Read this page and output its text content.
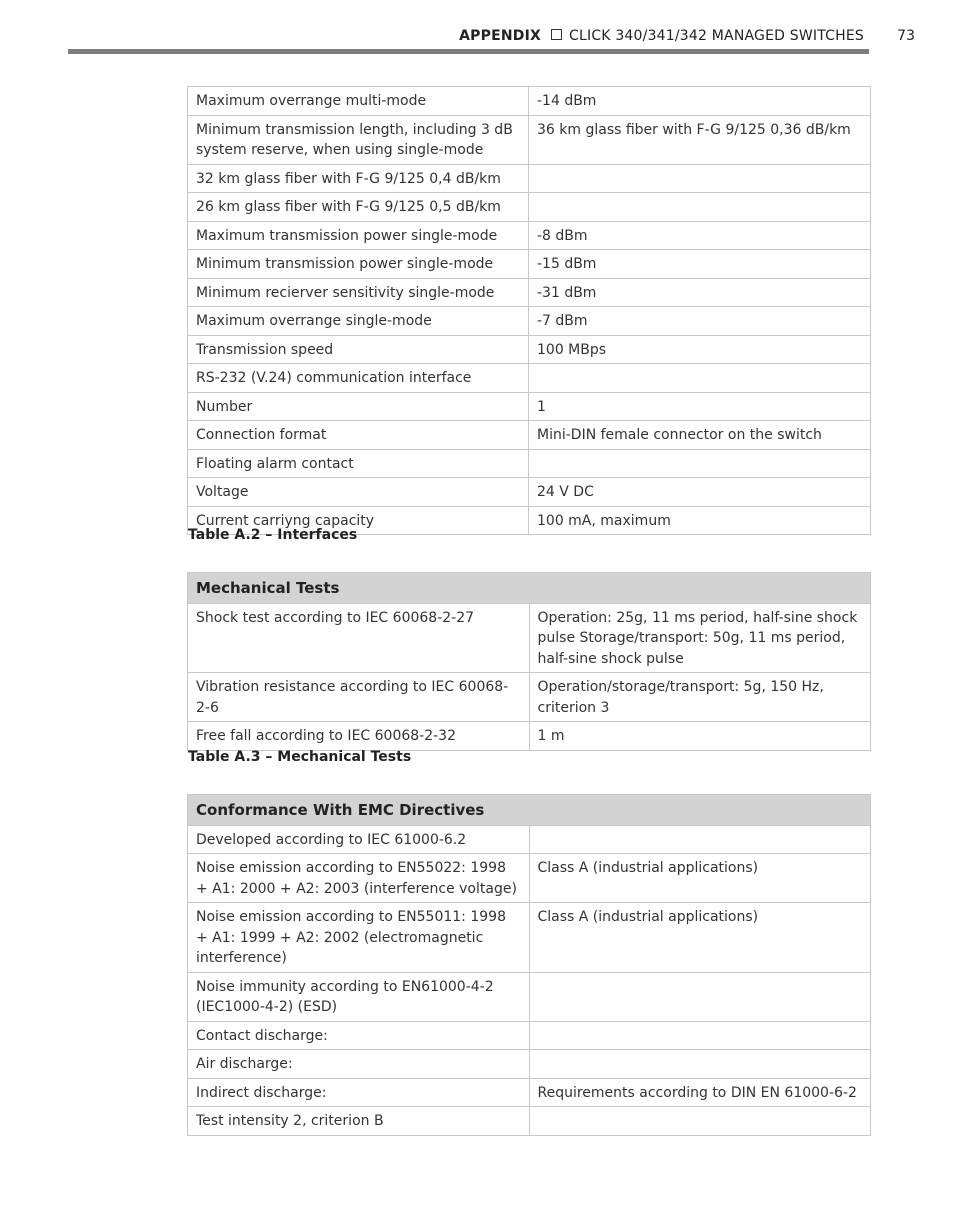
APPENDIX CLICK 340/341/342 MANAGED SWITCHES 73
Maximum overrange multi-mode	-14 dBm
Minimum transmission length, including 3 dB system reserve, when using single-mode	36 km glass fiber with F-G 9/125 0,36 dB/km
32 km glass fiber with F-G 9/125 0,4 dB/km	
26 km glass fiber with F-G 9/125 0,5 dB/km	
Maximum transmission power single-mode	-8 dBm
Minimum transmission power single-mode	-15 dBm
Minimum recierver sensitivity single-mode	-31 dBm
Maximum overrange single-mode	-7 dBm
Transmission speed	100 MBps
RS-232 (V.24) communication interface	
Number	1
Connection format	Mini-DIN female connector on the switch
Floating alarm contact	
Voltage	24 V DC
Current carriyng capacity	100 mA, maximum
Table A.2 – Interfaces
Mechanical Tests	
Shock test according to IEC 60068-2-27	Operation: 25g, 11 ms period, half-sine shock pulse Storage/transport: 50g, 11 ms period, half-sine shock pulse
Vibration resistance according to IEC 60068-2-6	Operation/storage/transport: 5g, 150 Hz, criterion 3
Free fall according to IEC 60068-2-32	1 m
Table A.3 – Mechanical Tests
Conformance With EMC Directives	
Developed according to IEC 61000-6.2	
Noise emission according to EN55022: 1998 + A1: 2000 + A2: 2003 (interference voltage)	Class A (industrial applications)
Noise emission according to EN55011: 1998 + A1: 1999 + A2: 2002 (electromagnetic interference)	Class A (industrial applications)
Noise immunity according to EN61000-4-2 (IEC1000-4-2) (ESD)	
Contact discharge:	
Air discharge:	
Indirect discharge:	Requirements according to DIN EN 61000-6-2
Test intensity 2, criterion B	
